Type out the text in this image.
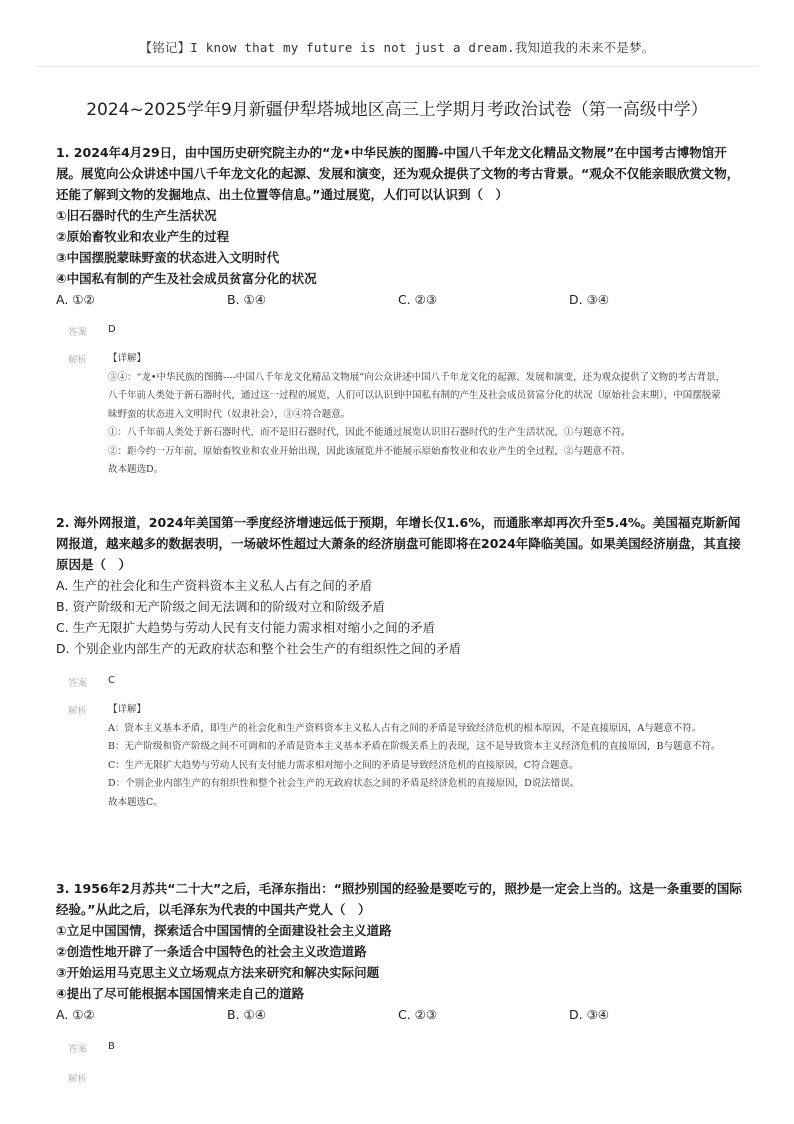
【铭记】I know that my future is not just a dream.我知道我的未来不是梦。
2024~2025学年9月新疆伊犁塔城地区高三上学期月考政治试卷（第一高级中学）
1. 2024年4月29日，由中国历史研究院主办的“龙•中华民族的图腾-中国八千年龙文化精品文物展”在中国考古博物馆开展。展览向公众讲述中国八千年龙文化的起源、发展和演变，还为观众提供了文物的考古背景。“观众不仅能亲眼欣赏文物，还能了解到文物的发掘地点、出土位置等信息。”通过展览，人们可以认识到（　）
①旧石器时代的生产生活状况
②原始畜牧业和农业产生的过程
③中国摆脱蒙昧野蛮的状态进入文明时代
④中国私有制的产生及社会成员贫富分化的状况
A. ①②	B. ①④	C. ②③	D. ③④
答案	D
解析	【详解】
③④：“龙•中华民族的图腾----中国八千年龙文化精品文物展”向公众讲述中国八千年龙文化的起源、发展和演变，还为观众提供了文物的考古背景，八千年前人类处于新石器时代，通过这一过程的展览，人们可以认识到中国私有制的产生及社会成员贫富分化的状况（原始社会末期），中国摆脱蒙昧野蛮的状态进入文明时代（奴隶社会），③④符合题意。
①：八千年前人类处于新石器时代，而不是旧石器时代，因此不能通过展览认识旧石器时代的生产生活状况，①与题意不符。
②：距今约一万年前，原始畜牧业和农业开始出现，因此该展览并不能展示原始畜牧业和农业产生的全过程，②与题意不符。
故本题选D。
2. 海外网报道，2024年美国第一季度经济增速远低于预期，年增长仅1.6%，而通胀率却再次升至5.4%。美国福克斯新闻网报道，越来越多的数据表明，一场破坏性超过大萧条的经济崩盘可能即将在2024年降临美国。如果美国经济崩盘，其直接原因是（　）
A. 生产的社会化和生产资料资本主义私人占有之间的矛盾
B. 资产阶级和无产阶级之间无法调和的阶级对立和阶级矛盾
C. 生产无限扩大趋势与劳动人民有支付能力需求相对缩小之间的矛盾
D. 个别企业内部生产的无政府状态和整个社会生产的有组织性之间的矛盾
答案	C
解析	【详解】
A：资本主义基本矛盾，即生产的社会化和生产资料资本主义私人占有之间的矛盾是导致经济危机的根本原因，不是直接原因，A与题意不符。
B：无产阶级和资产阶级之间不可调和的矛盾是资本主义基本矛盾在阶级关系上的表现，这不是导致资本主义经济危机的直接原因，B与题意不符。
C：生产无限扩大趋势与劳动人民有支付能力需求相对缩小之间的矛盾是导致经济危机的直接原因，C符合题意。
D：个别企业内部生产的有组织性和整个社会生产的无政府状态之间的矛盾是经济危机的直接原因，D说法错误。
故本题选C。
3. 1956年2月苏共“二十大”之后，毛泽东指出：“照抄别国的经验是要吃亏的，照抄是一定会上当的。这是一条重要的国际经验。”从此之后，以毛泽东为代表的中国共产党人（　）
①立足中国国情，探索适合中国国情的全面建设社会主义道路
②创造性地开辟了一条适合中国特色的社会主义改造道路
③开始运用马克思主义立场观点方法来研究和解决实际问题
④提出了尽可能根据本国国情来走自己的道路
A. ①②	B. ①④	C. ②③	D. ③④
答案	B
解析
